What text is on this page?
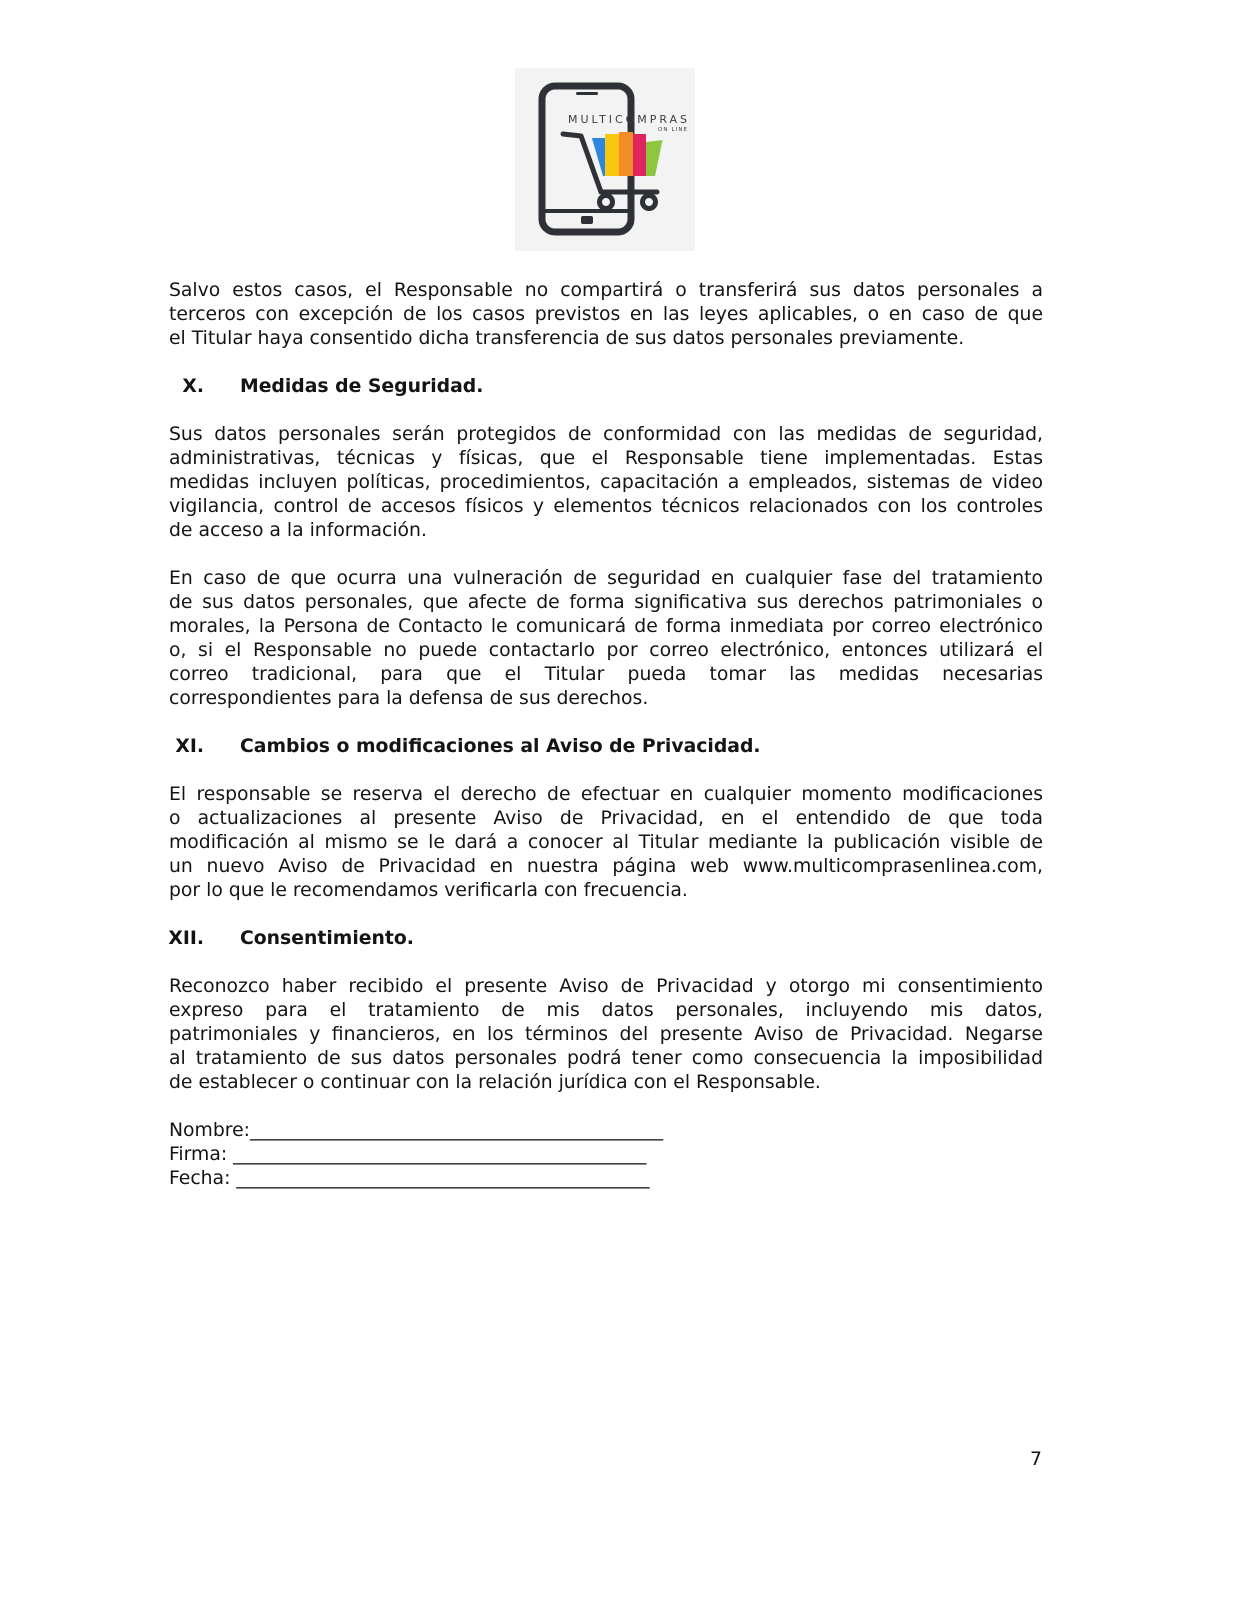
MULTICOMPRAS
ON LINE
Salvo estos casos, el Responsable no compartirá o transferirá sus datos personales a
terceros con excepción de los casos previstos en las leyes aplicables, o en caso de que
el Titular haya consentido dicha transferencia de sus datos personales previamente.
X. Medidas de Seguridad.
Sus datos personales serán protegidos de conformidad con las medidas de seguridad,
administrativas, técnicas y físicas, que el Responsable tiene implementadas. Estas
medidas incluyen políticas, procedimientos, capacitación a empleados, sistemas de video
vigilancia, control de accesos físicos y elementos técnicos relacionados con los controles
de acceso a la información.
En caso de que ocurra una vulneración de seguridad en cualquier fase del tratamiento
de sus datos personales, que afecte de forma significativa sus derechos patrimoniales o
morales, la Persona de Contacto le comunicará de forma inmediata por correo electrónico
o, si el Responsable no puede contactarlo por correo electrónico, entonces utilizará el
correo tradicional, para que el Titular pueda tomar las medidas necesarias
correspondientes para la defensa de sus derechos.
XI. Cambios o modificaciones al Aviso de Privacidad.
El responsable se reserva el derecho de efectuar en cualquier momento modificaciones
o actualizaciones al presente Aviso de Privacidad, en el entendido de que toda
modificación al mismo se le dará a conocer al Titular mediante la publicación visible de
un nuevo Aviso de Privacidad en nuestra página web www.multicomprasenlinea.com,
por lo que le recomendamos verificarla con frecuencia.
XII. Consentimiento.
Reconozco haber recibido el presente Aviso de Privacidad y otorgo mi consentimiento
expreso para el tratamiento de mis datos personales, incluyendo mis datos,
patrimoniales y financieros, en los términos del presente Aviso de Privacidad. Negarse
al tratamiento de sus datos personales podrá tener como consecuencia la imposibilidad
de establecer o continuar con la relación jurídica con el Responsable.
Nombre:____________________________________________
Firma: ____________________________________________
Fecha: ____________________________________________
7
